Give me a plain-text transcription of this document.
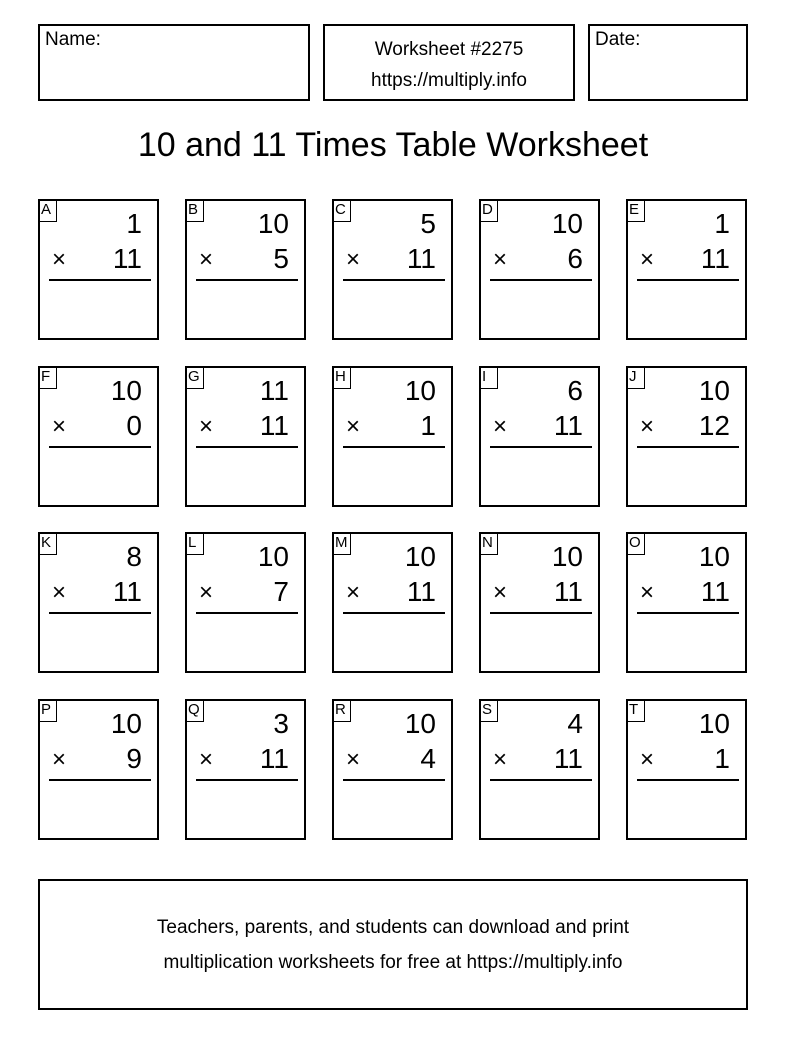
Name:	Worksheet #2275
https://multiply.info
Date:
10 and 11 Times Table Worksheet
A	1
× 11
B 10
× 5
C	5
× 11
D 10
× 6
E	1
× 11
F 10
× 0
G 11
× 11
H 10
× 1
I	6
× 11
J	10
× 12
K	8
× 11
L 10
× 7
M 10
× 11
N 10
× 11
O 10
× 11
P 10
× 9
Q	3
× 11
R 10
× 4
S	4
× 11
T 10
× 1
Teachers, parents, and students can download and print
multiplication worksheets for free at https://multiply.info
